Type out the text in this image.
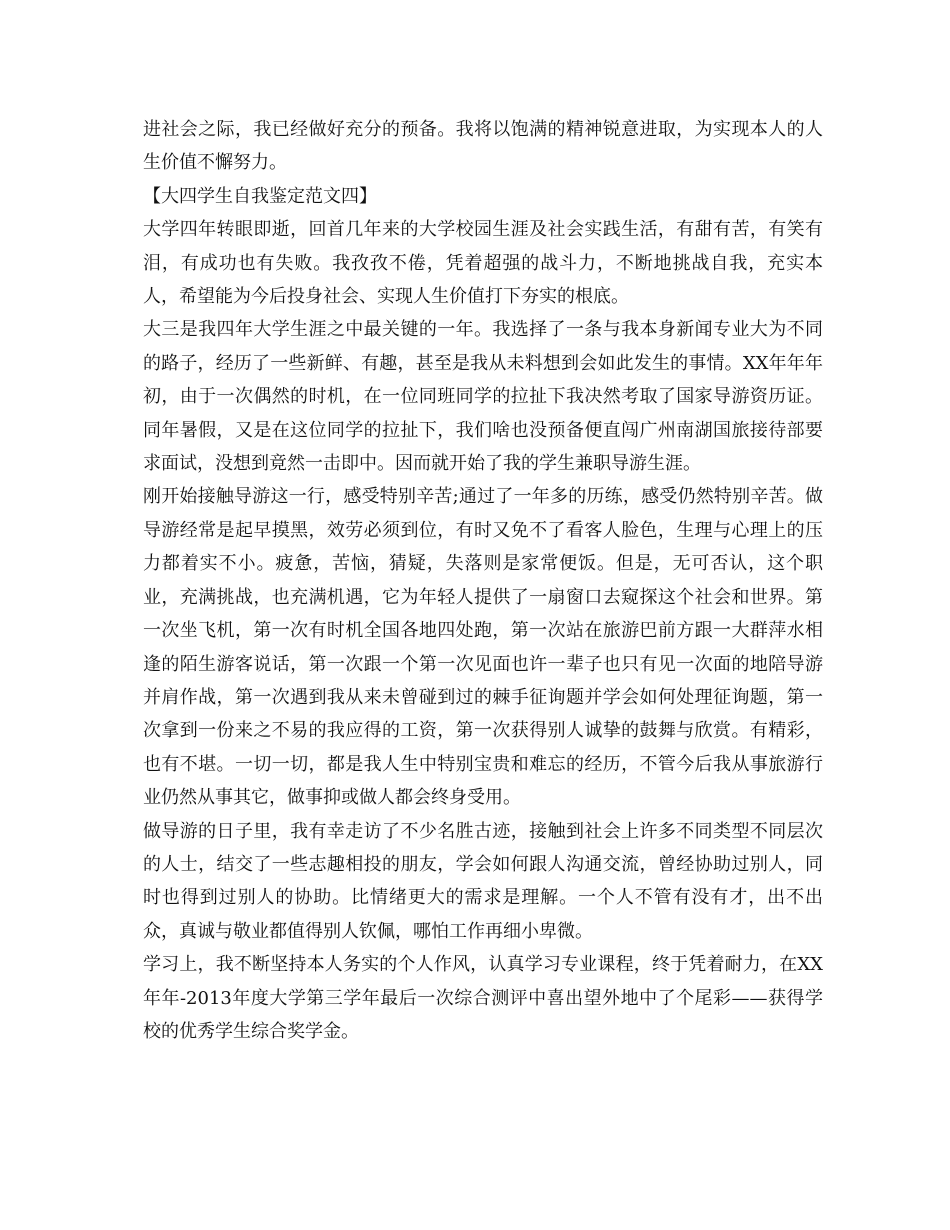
进社会之际，我已经做好充分的预备。我将以饱满的精神锐意进取，为实现本人的人生价值不懈努力。

【大四学生自我鉴定范文四】

大学四年转眼即逝，回首几年来的大学校园生涯及社会实践生活，有甜有苦，有笑有泪，有成功也有失败。我孜孜不倦，凭着超强的战斗力，不断地挑战自我，充实本人，希望能为今后投身社会、实现人生价值打下夯实的根底。

大三是我四年大学生涯之中最关键的一年。我选择了一条与我本身新闻专业大为不同的路子，经历了一些新鲜、有趣，甚至是我从未料想到会如此发生的事情。XX年年年初，由于一次偶然的时机，在一位同班同学的拉扯下我决然考取了国家导游资历证。同年暑假，又是在这位同学的拉扯下，我们啥也没预备便直闯广州南湖国旅接待部要求面试，没想到竟然一击即中。因而就开始了我的学生兼职导游生涯。

刚开始接触导游这一行，感受特别辛苦;通过了一年多的历练，感受仍然特别辛苦。做导游经常是起早摸黑，效劳必须到位，有时又免不了看客人脸色，生理与心理上的压力都着实不小。疲惫，苦恼，猜疑，失落则是家常便饭。但是，无可否认，这个职业，充满挑战，也充满机遇，它为年轻人提供了一扇窗口去窥探这个社会和世界。第一次坐飞机，第一次有时机全国各地四处跑，第一次站在旅游巴前方跟一大群萍水相逢的陌生游客说话，第一次跟一个第一次见面也许一辈子也只有见一次面的地陪导游并肩作战，第一次遇到我从来未曾碰到过的棘手征询题并学会如何处理征询题，第一次拿到一份来之不易的我应得的工资，第一次获得别人诚挚的鼓舞与欣赏。有精彩，也有不堪。一切一切，都是我人生中特别宝贵和难忘的经历，不管今后我从事旅游行业仍然从事其它，做事抑或做人都会终身受用。

做导游的日子里，我有幸走访了不少名胜古迹，接触到社会上许多不同类型不同层次的人士，结交了一些志趣相投的朋友，学会如何跟人沟通交流，曾经协助过别人，同时也得到过别人的协助。比情绪更大的需求是理解。一个人不管有没有才，出不出众，真诚与敬业都值得别人钦佩，哪怕工作再细小卑微。

学习上，我不断坚持本人务实的个人作风，认真学习专业课程，终于凭着耐力，在XX年年-2013年度大学第三学年最后一次综合测评中喜出望外地中了个尾彩——获得学校的优秀学生综合奖学金。
